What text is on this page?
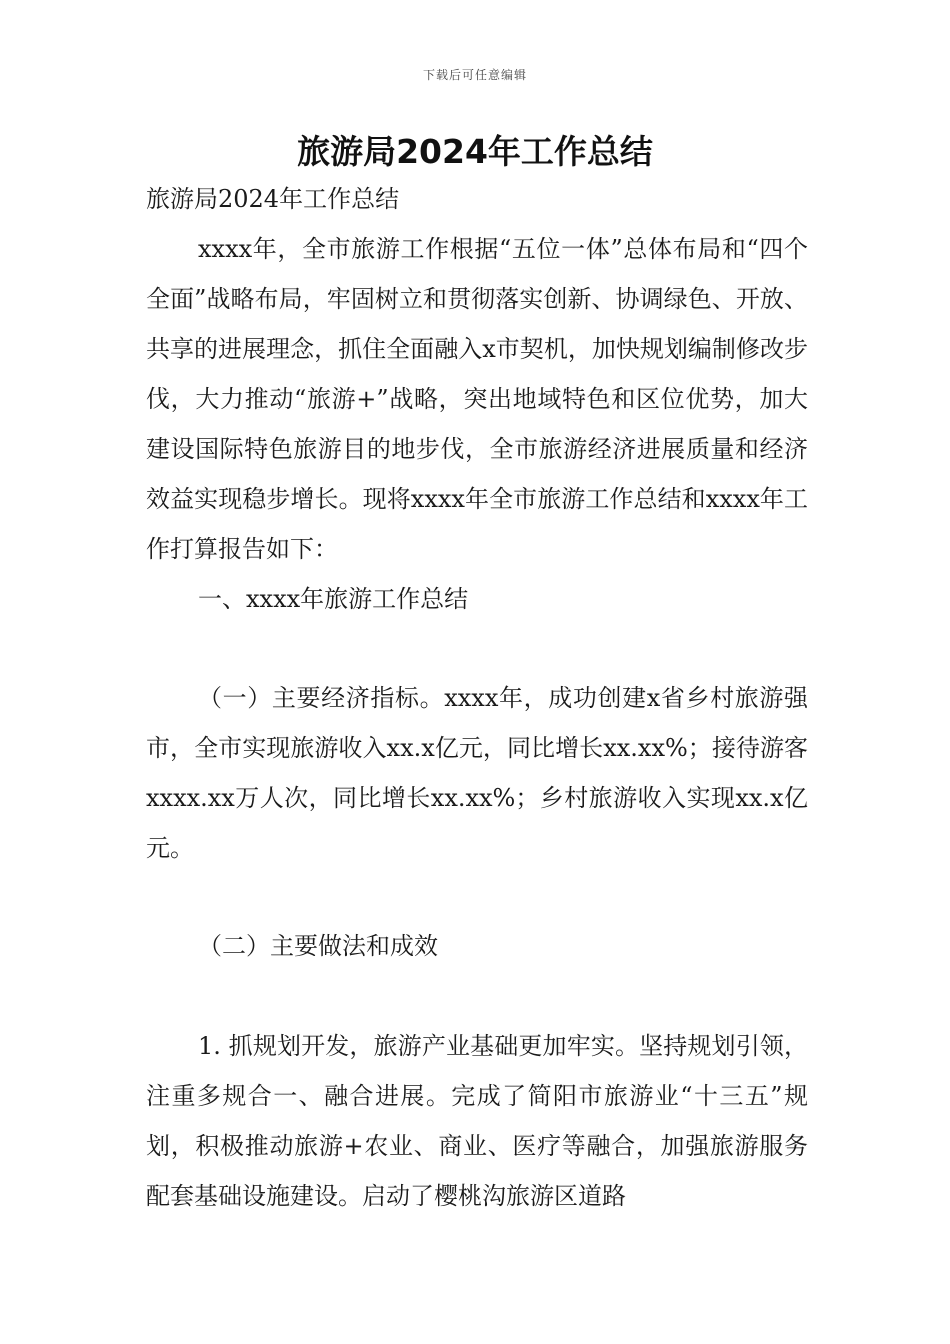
下载后可任意编辑
旅游局2024年工作总结
旅游局2024年工作总结
xxxx年，全市旅游工作根据“五位一体”总体布局和“四个全面”战略布局，牢固树立和贯彻落实创新、协调绿色、开放、共享的进展理念，抓住全面融入x市契机，加快规划编制修改步伐，大力推动“旅游+”战略，突出地域特色和区位优势，加大建设国际特色旅游目的地步伐，全市旅游经济进展质量和经济效益实现稳步增长。现将xxxx年全市旅游工作总结和xxxx年工作打算报告如下：
一、xxxx年旅游工作总结
（一）主要经济指标。xxxx年，成功创建x省乡村旅游强市，全市实现旅游收入xx.x亿元，同比增长xx.xx%；接待游客xxxx.xx万人次，同比增长xx.xx%；乡村旅游收入实现xx.x亿元。
（二）主要做法和成效
1. 抓规划开发，旅游产业基础更加牢实。坚持规划引领，注重多规合一、融合进展。完成了简阳市旅游业“十三五”规划，积极推动旅游+农业、商业、医疗等融合，加强旅游服务配套基础设施建设。启动了樱桃沟旅游区道路
